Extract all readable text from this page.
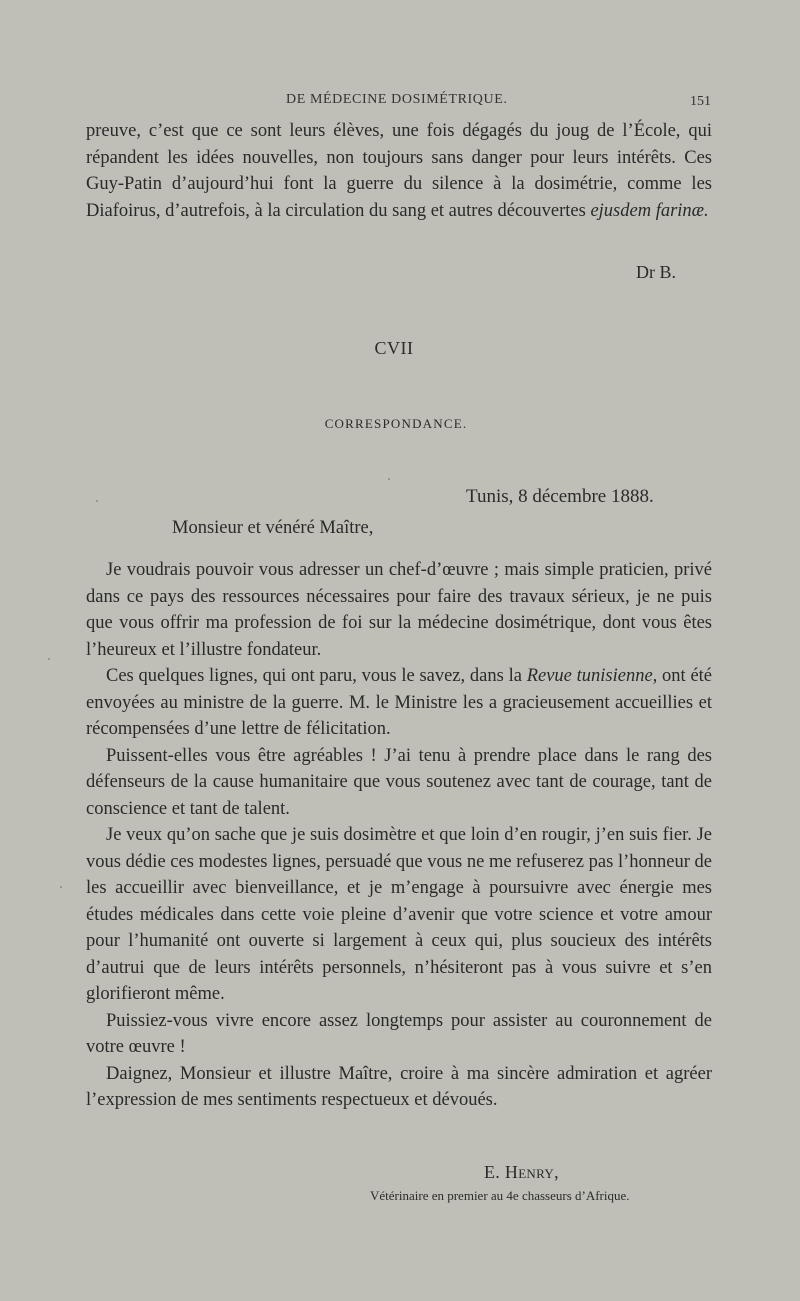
DE MÉDECINE DOSIMÉTRIQUE.	151

preuve, c’est que ce sont leurs élèves, une fois dégagés du joug de l’École, qui répandent les idées nouvelles, non toujours sans danger pour leurs intérêts. Ces Guy-Patin d’aujourd’hui font la guerre du silence à la dosimétrie, comme les Diafoirus, d’autrefois, à la circulation du sang et autres découvertes ejusdem farinæ.

Dr B.
CVII
CORRESPONDANCE.
Tunis, 8 décembre 1888.
Monsieur et vénéré Maître,

Je voudrais pouvoir vous adresser un chef-d’œuvre ; mais simple praticien, privé dans ce pays des ressources nécessaires pour faire des travaux sérieux, je ne puis que vous offrir ma profession de foi sur la médecine dosimétrique, dont vous êtes l’heureux et l’illustre fondateur.

Ces quelques lignes, qui ont paru, vous le savez, dans la Revue tunisienne, ont été envoyées au ministre de la guerre. M. le Ministre les a gracieusement accueillies et récompensées d’une lettre de félicitation.

Puissent-elles vous être agréables ! J’ai tenu à prendre place dans le rang des défenseurs de la cause humanitaire que vous soutenez avec tant de courage, tant de conscience et tant de talent.

Je veux qu’on sache que je suis dosimètre et que loin d’en rougir, j’en suis fier. Je vous dédie ces modestes lignes, persuadé que vous ne me refuserez pas l’honneur de les accueillir avec bienveillance, et je m’engage à poursuivre avec énergie mes études médicales dans cette voie pleine d’avenir que votre science et votre amour pour l’humanité ont ouverte si largement à ceux qui, plus soucieux des intérêts d’autrui que de leurs intérêts personnels, n’hésiteront pas à vous suivre et s’en glorifieront même.

Puissiez-vous vivre encore assez longtemps pour assister au couronnement de votre œuvre !

Daignez, Monsieur et illustre Maître, croire à ma sincère admiration et agréer l’expression de mes sentiments respectueux et dévoués.

E. Henry,
Vétérinaire en premier au 4e chasseurs d’Afrique.
